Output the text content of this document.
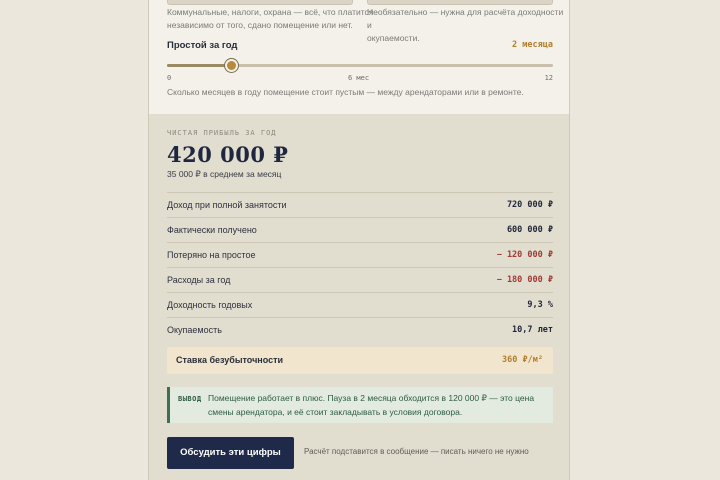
Коммунальные, налоги, охрана — всё, что платится
независимо от того, сдано помещение или нет.
Необязательно — нужна для расчёта доходности и
окупаемости.
Простой за год	2 месяца
0	6 мес	12
Сколько месяцев в году помещение стоит пустым — между арендаторами или в ремонте.
ЧИСТАЯ ПРИБЫЛЬ ЗА ГОД
420 000 ₽
35 000 ₽ в среднем за месяц
Доход при полной занятости	720 000 ₽
Фактически получено	600 000 ₽
Потеряно на простое	− 120 000 ₽
Расходы за год	− 180 000 ₽
Доходность годовых	9,3 %
Окупаемость	10,7 лет
Ставка безубыточности	360 ₽/м²
ВЫВОД Помещение работает в плюс. Пауза в 2 месяца обходится в 120 000 ₽ — это цена смены арендатора, и её стоит закладывать в условия договора.
Обсудить эти цифры	Расчёт подставится в сообщение — писать ничего не нужно
